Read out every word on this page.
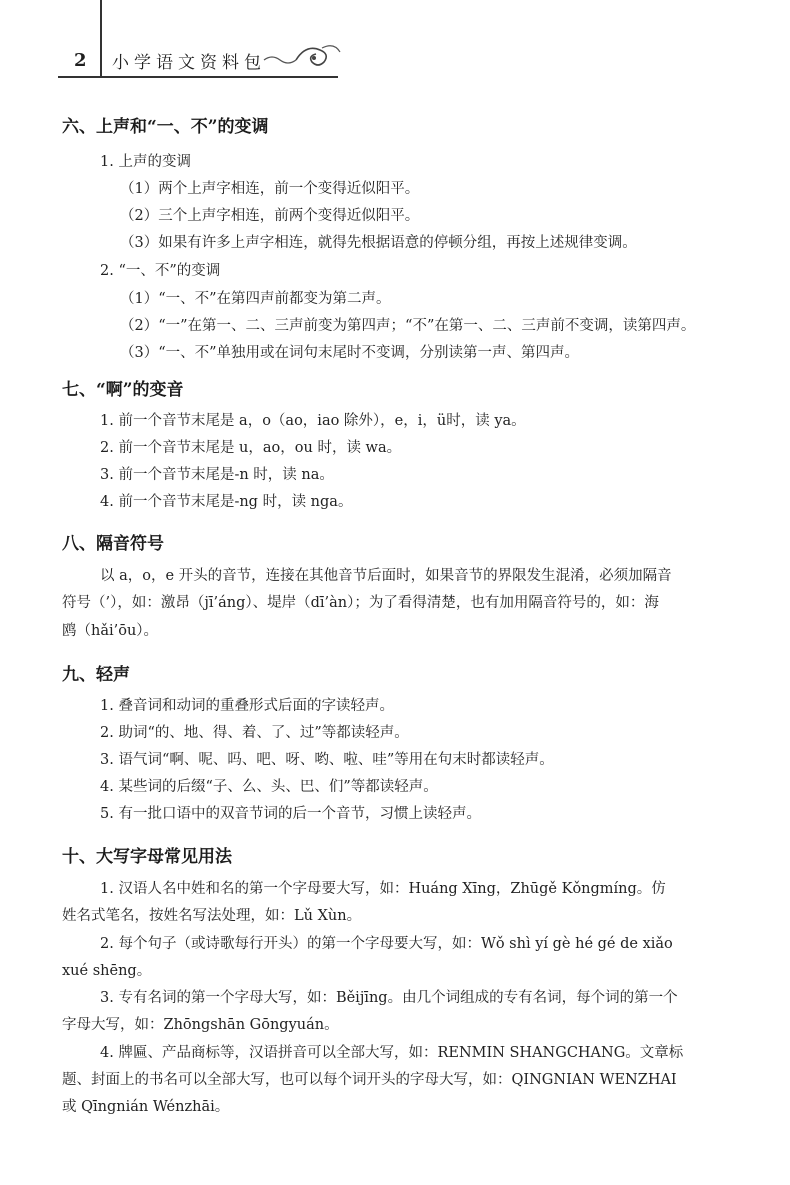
2 小学语文资料包
六、上声和“一、不”的变调
1. 上声的变调
（1）两个上声字相连，前一个变得近似阳平。
（2）三个上声字相连，前两个变得近似阳平。
（3）如果有许多上声字相连，就得先根据语意的停顿分组，再按上述规律变调。
2. “一、不”的变调
（1）“一、不”在第四声前都变为第二声。
（2）“一”在第一、二、三声前变为第四声；“不”在第一、二、三声前不变调，读第四声。
（3）“一、不”单独用或在词句末尾时不变调，分别读第一声、第四声。
七、“啊”的变音
1. 前一个音节末尾是 a，o（ao，iao 除外），e，i，ü时，读 ya。
2. 前一个音节末尾是 u，ao，ou 时，读 wa。
3. 前一个音节末尾是-n 时，读 na。
4. 前一个音节末尾是-ng 时，读 nga。
八、隔音符号
以 a，o，e 开头的音节，连接在其他音节后面时，如果音节的界限发生混淆，必须加隔音
符号（’），如：激昂（jī’áng）、堤岸（dī’àn）；为了看得清楚，也有加用隔音符号的，如：海
鸥（hǎi’ōu）。
九、轻声
1. 叠音词和动词的重叠形式后面的字读轻声。
2. 助词“的、地、得、着、了、过”等都读轻声。
3. 语气词“啊、呢、吗、吧、呀、哟、啦、哇”等用在句末时都读轻声。
4. 某些词的后缀“子、么、头、巴、们”等都读轻声。
5. 有一批口语中的双音节词的后一个音节，习惯上读轻声。
十、大写字母常见用法
1. 汉语人名中姓和名的第一个字母要大写，如：Huáng Xīng，Zhūgě Kǒngmíng。仿
姓名式笔名，按姓名写法处理，如：Lǔ Xùn。
2. 每个句子（或诗歌每行开头）的第一个字母要大写，如：Wǒ shì yí gè hé gé de xiǎo
xué shēng。
3. 专有名词的第一个字母大写，如：Běijīng。由几个词组成的专有名词，每个词的第一个
字母大写，如：Zhōngshān Gōngyuán。
4. 牌匾、产品商标等，汉语拼音可以全部大写，如：RENMIN SHANGCHANG。文章标
题、封面上的书名可以全部大写，也可以每个词开头的字母大写，如：QINGNIAN WENZHAI
或 Qīngnián Wénzhāi。
